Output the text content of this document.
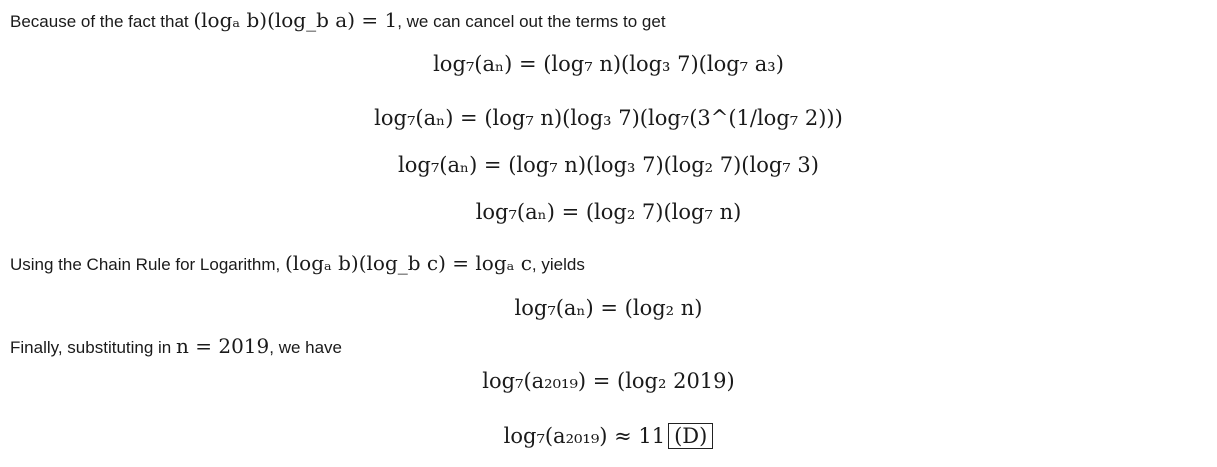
Because of the fact that (logₐ b)(log_b a) = 1, we can cancel out the terms to get
log₇(aₙ) = (log₇ n)(log₃ 7)(log₇ a₃)
log₇(aₙ) = (log₇ n)(log₃ 7)(log₇(3^(1/log₇ 2)))
log₇(aₙ) = (log₇ n)(log₃ 7)(log₂ 7)(log₇ 3)
log₇(aₙ) = (log₂ 7)(log₇ n)
Using the Chain Rule for Logarithm, (logₐ b)(log_b c) = logₐ c, yields
log₇(aₙ) = (log₂ n)
Finally, substituting in n = 2019, we have
log₇(a₂₀₁₉) = (log₂ 2019)
log₇(a₂₀₁₉) ≈ 11 (D)
